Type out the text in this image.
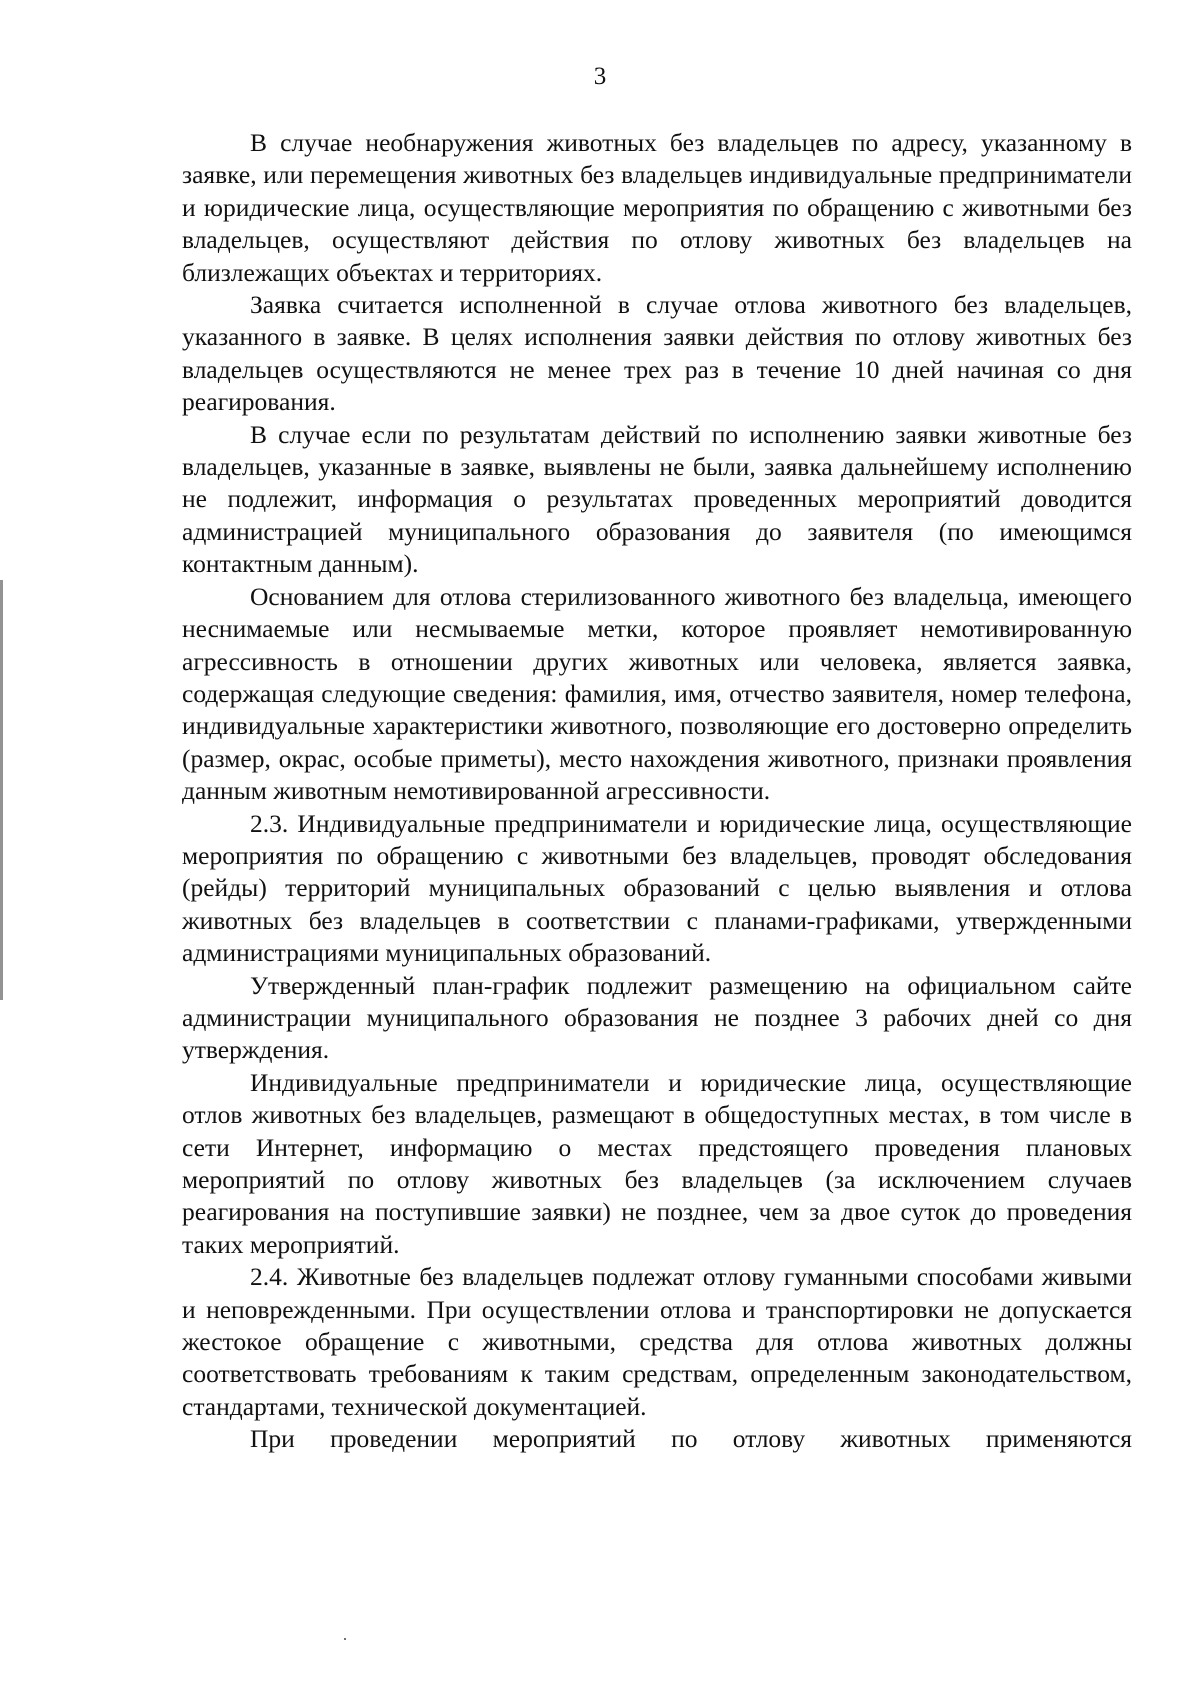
3

В случае необнаружения животных без владельцев по адресу, указанному в заявке, или перемещения животных без владельцев индивидуальные предприниматели и юридические лица, осуществляющие мероприятия по обращению с животными без владельцев, осуществляют действия по отлову животных без владельцев на близлежащих объектах и территориях.

Заявка считается исполненной в случае отлова животного без владельцев, указанного в заявке. В целях исполнения заявки действия по отлову животных без владельцев осуществляются не менее трех раз в течение 10 дней начиная со дня реагирования.

В случае если по результатам действий по исполнению заявки животные без владельцев, указанные в заявке, выявлены не были, заявка дальнейшему исполнению не подлежит, информация о результатах проведенных мероприятий доводится администрацией муниципального образования до заявителя (по имеющимся контактным данным).

Основанием для отлова стерилизованного животного без владельца, имеющего неснимаемые или несмываемые метки, которое проявляет немотивированную агрессивность в отношении других животных или человека, является заявка, содержащая следующие сведения: фамилия, имя, отчество заявителя, номер телефона, индивидуальные характеристики животного, позволяющие его достоверно определить (размер, окрас, особые приметы), место нахождения животного, признаки проявления данным животным немотивированной агрессивности.

2.3. Индивидуальные предприниматели и юридические лица, осуществляющие мероприятия по обращению с животными без владельцев, проводят обследования (рейды) территорий муниципальных образований с целью выявления и отлова животных без владельцев в соответствии с планами-графиками, утвержденными администрациями муниципальных образований.

Утвержденный план-график подлежит размещению на официальном сайте администрации муниципального образования не позднее 3 рабочих дней со дня утверждения.

Индивидуальные предприниматели и юридические лица, осуществляющие отлов животных без владельцев, размещают в общедоступных местах, в том числе в сети Интернет, информацию о местах предстоящего проведения плановых мероприятий по отлову животных без владельцев (за исключением случаев реагирования на поступившие заявки) не позднее, чем за двое суток до проведения таких мероприятий.

2.4. Животные без владельцев подлежат отлову гуманными способами живыми и неповрежденными. При осуществлении отлова и транспортировки не допускается жестокое обращение с животными, средства для отлова животных должны соответствовать требованиям к таким средствам, определенным законодательством, стандартами, технической документацией.

При проведении мероприятий по отлову животных применяются
